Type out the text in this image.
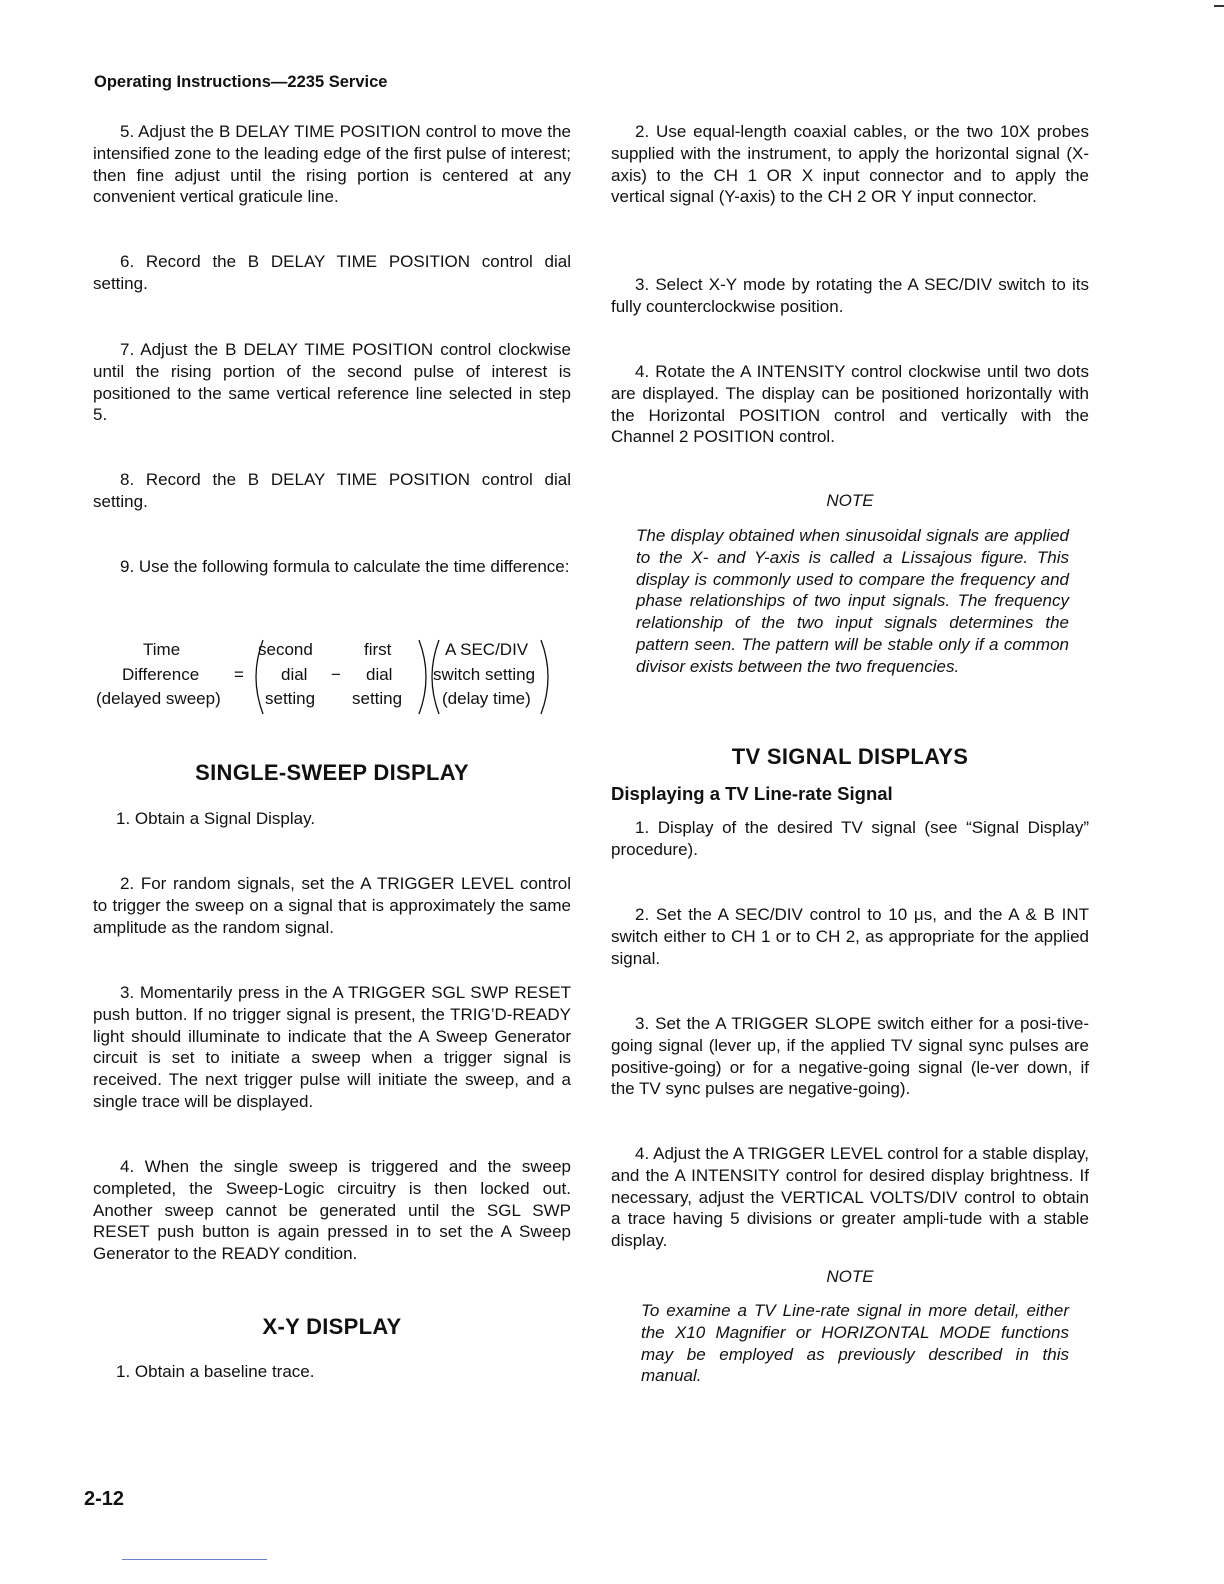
Operating Instructions—2235 Service

5. Adjust the B DELAY TIME POSITION control to move the intensified zone to the leading edge of the first pulse of interest; then fine adjust until the rising portion is centered at any convenient vertical graticule line.

6. Record the B DELAY TIME POSITION control dial setting.

7. Adjust the B DELAY TIME POSITION control clockwise until the rising portion of the second pulse of interest is positioned to the same vertical reference line selected in step 5.

8. Record the B DELAY TIME POSITION control dial setting.

9. Use the following formula to calculate the time difference:

Time
Difference
(delayed sweep)
=
second
dial
setting
−
first
dial
setting
A SEC/DIV
switch setting
(delay time)
SINGLE-SWEEP DISPLAY

1. Obtain a Signal Display.

2. For random signals, set the A TRIGGER LEVEL control to trigger the sweep on a signal that is approximately the same amplitude as the random signal.

3. Momentarily press in the A TRIGGER SGL SWP RESET push button. If no trigger signal is present, the TRIG’D-READY light should illuminate to indicate that the A Sweep Generator circuit is set to initiate a sweep when a trigger signal is received. The next trigger pulse will initiate the sweep, and a single trace will be displayed.

4. When the single sweep is triggered and the sweep completed, the Sweep-Logic circuitry is then locked out. Another sweep cannot be generated until the SGL SWP RESET push button is again pressed in to set the A Sweep Generator to the READY condition.

X-Y DISPLAY

1. Obtain a baseline trace.

2. Use equal-length coaxial cables, or the two 10X probes supplied with the instrument, to apply the horizontal signal (X-axis) to the CH 1 OR X input connector and to apply the vertical signal (Y-axis) to the CH 2 OR Y input connector.

3. Select X-Y mode by rotating the A SEC/DIV switch to its fully counterclockwise position.

4. Rotate the A INTENSITY control clockwise until two dots are displayed. The display can be positioned horizontally with the Horizontal POSITION control and vertically with the Channel 2 POSITION control.

NOTE

The display obtained when sinusoidal signals are applied to the X- and Y-axis is called a Lissajous figure. This display is commonly used to compare the frequency and phase relationships of two input signals. The frequency relationship of the two input signals determines the pattern seen. The pattern will be stable only if a common divisor exists between the two frequencies.

TV SIGNAL DISPLAYS
Displaying a TV Line-rate Signal

1. Display of the desired TV signal (see “Signal Display” procedure).

2. Set the A SEC/DIV control to 10 μs, and the A & B INT switch either to CH 1 or to CH 2, as appropriate for the applied signal.

3. Set the A TRIGGER SLOPE switch either for a posi-tive-going signal (lever up, if the applied TV signal sync pulses are positive-going) or for a negative-going signal (le-ver down, if the TV sync pulses are negative-going).

4. Adjust the A TRIGGER LEVEL control for a stable display, and the A INTENSITY control for desired display brightness. If necessary, adjust the VERTICAL VOLTS/DIV control to obtain a trace having 5 divisions or greater ampli-tude with a stable display.

NOTE

To examine a TV Line-rate signal in more detail, either the X10 Magnifier or HORIZONTAL MODE functions may be employed as previously described in this manual.

2-12
